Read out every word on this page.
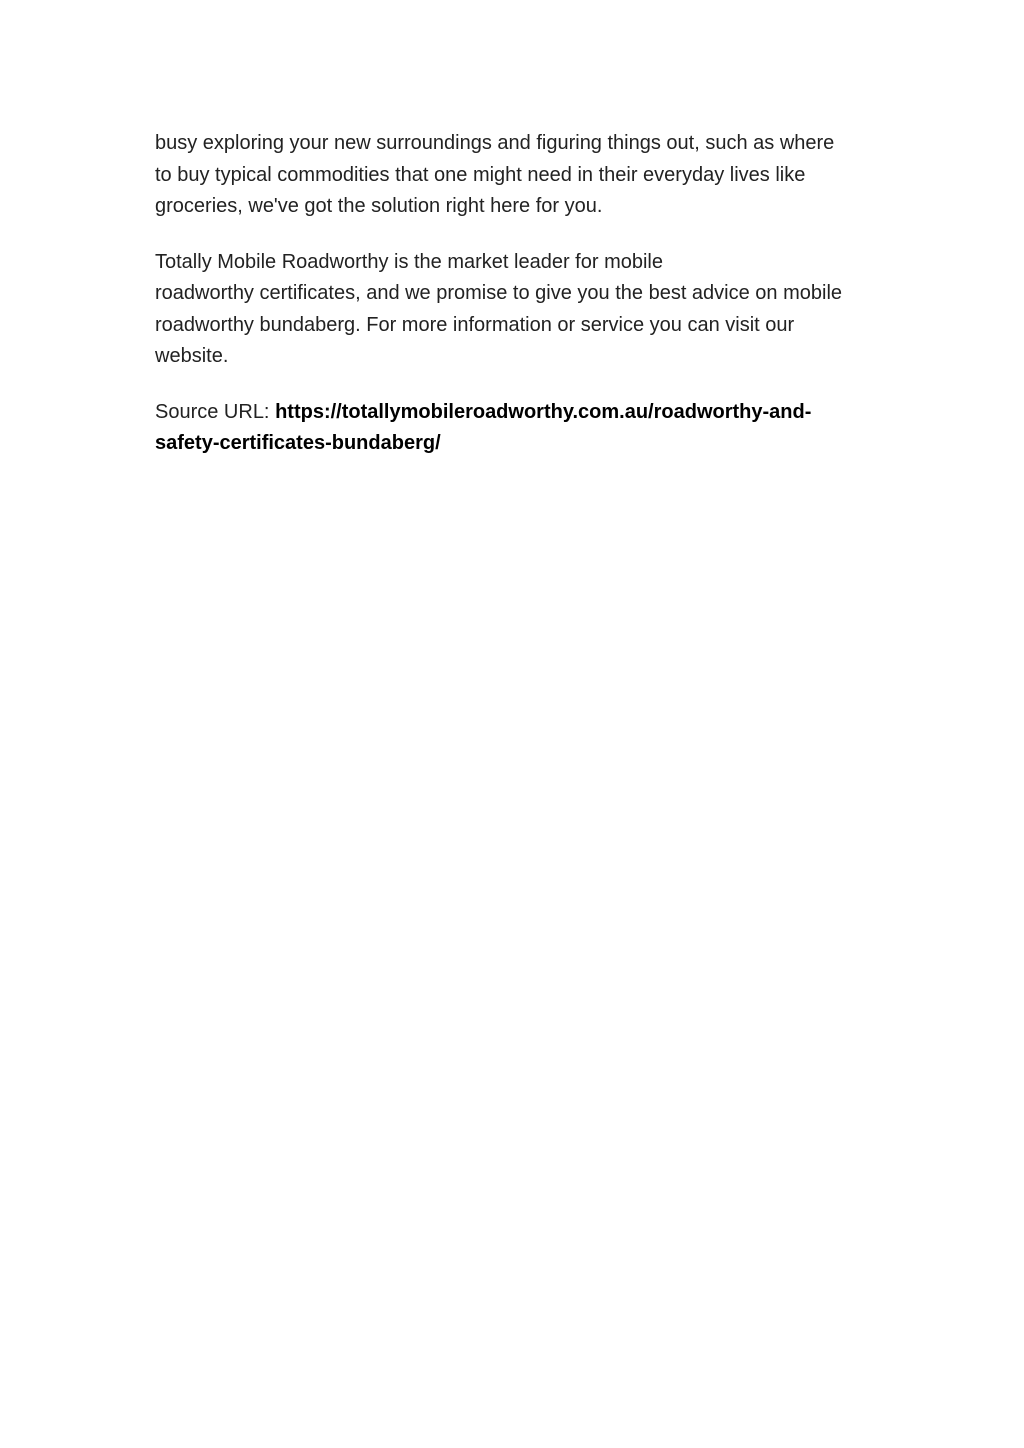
busy exploring your new surroundings and figuring things out, such as where
to buy typical commodities that one might need in their everyday lives like
groceries, we've got the solution right here for you.

Totally Mobile Roadworthy is the market leader for mobile
roadworthy certificates, and we promise to give you the best advice on mobile
roadworthy bundaberg. For more information or service you can visit our
website.

Source URL: https://totallymobileroadworthy.com.au/roadworthy-and-
safety-certificates-bundaberg/
